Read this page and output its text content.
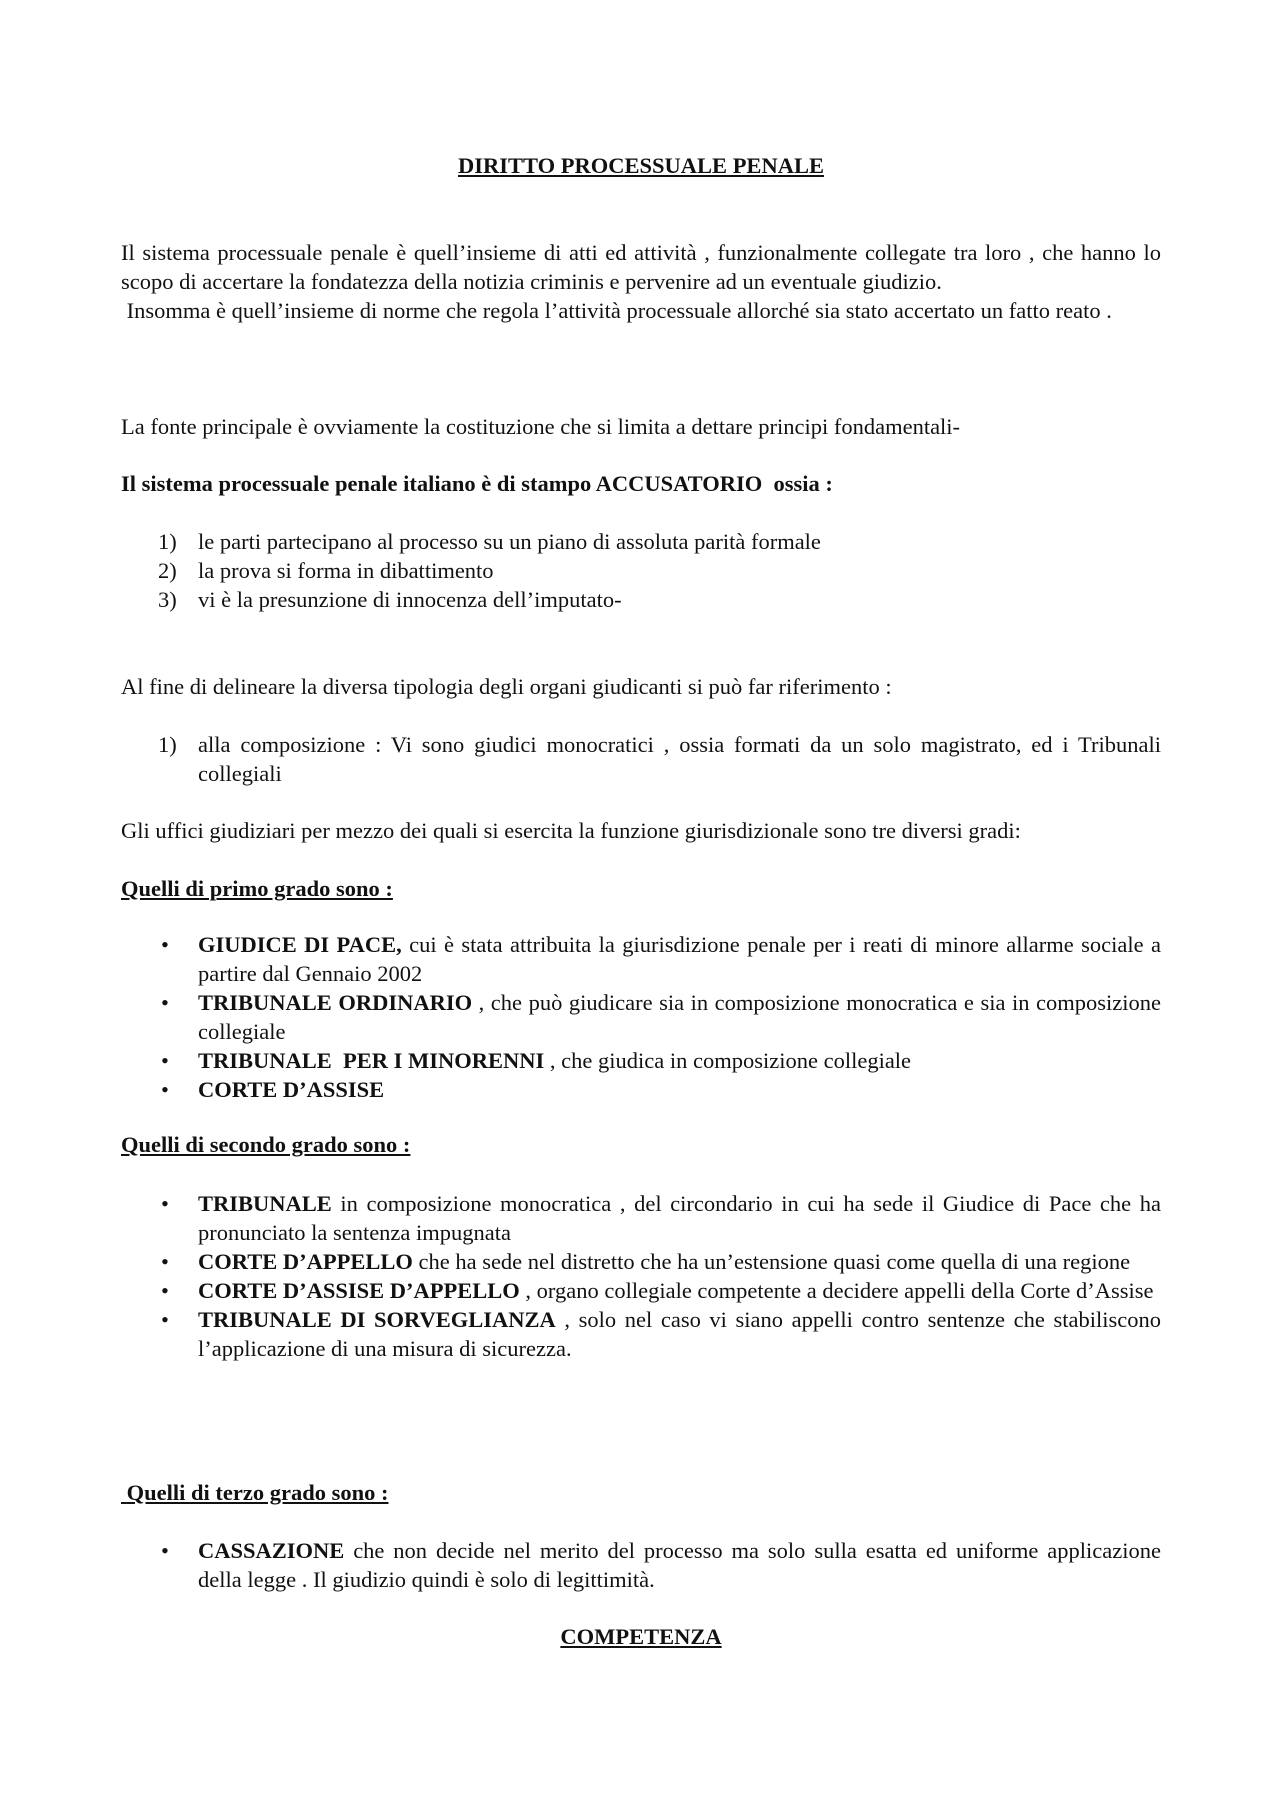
DIRITTO PROCESSUALE PENALE

Il sistema processuale penale è quell’insieme di atti ed attività , funzionalmente collegate tra loro , che hanno lo scopo di accertare la fondatezza della notizia criminis e pervenire ad un eventuale giudizio.

Insomma è quell’insieme di norme che regola l’attività processuale allorché sia stato accertato un fatto reato .

La fonte principale è ovviamente la costituzione che si limita a dettare principi fondamentali-

Il sistema processuale penale italiano è di stampo ACCUSATORIO  ossia :

1) le parti partecipano al processo su un piano di assoluta parità formale
2) la prova si forma in dibattimento
3) vi è la presunzione di innocenza dell’imputato-

Al fine di delineare la diversa tipologia degli organi giudicanti si può far riferimento :

1) alla composizione : Vi sono giudici monocratici , ossia formati da un solo magistrato, ed i Tribunali collegiali

Gli uffici giudiziari per mezzo dei quali si esercita la funzione giurisdizionale sono tre diversi gradi:

Quelli di primo grado sono :

• GIUDICE DI PACE, cui è stata attribuita la giurisdizione penale per i reati di minore allarme sociale a partire dal Gennaio 2002
• TRIBUNALE ORDINARIO , che può giudicare sia in composizione monocratica e sia in composizione collegiale
• TRIBUNALE  PER I MINORENNI , che giudica in composizione collegiale
• CORTE D’ASSISE

Quelli di secondo grado sono :

• TRIBUNALE in composizione monocratica , del circondario in cui ha sede il Giudice di Pace che ha pronunciato la sentenza impugnata
• CORTE D’APPELLO che ha sede nel distretto che ha un’estensione quasi come quella di una regione
• CORTE D’ASSISE D’APPELLO , organo collegiale competente a decidere appelli della Corte d’Assise
• TRIBUNALE DI SORVEGLIANZA , solo nel caso vi siano appelli contro sentenze che stabiliscono l’applicazione di una misura di sicurezza.

Quelli di terzo grado sono :

• CASSAZIONE che non decide nel merito del processo ma solo sulla esatta ed uniforme applicazione della legge . Il giudizio quindi è solo di legittimità.

COMPETENZA
